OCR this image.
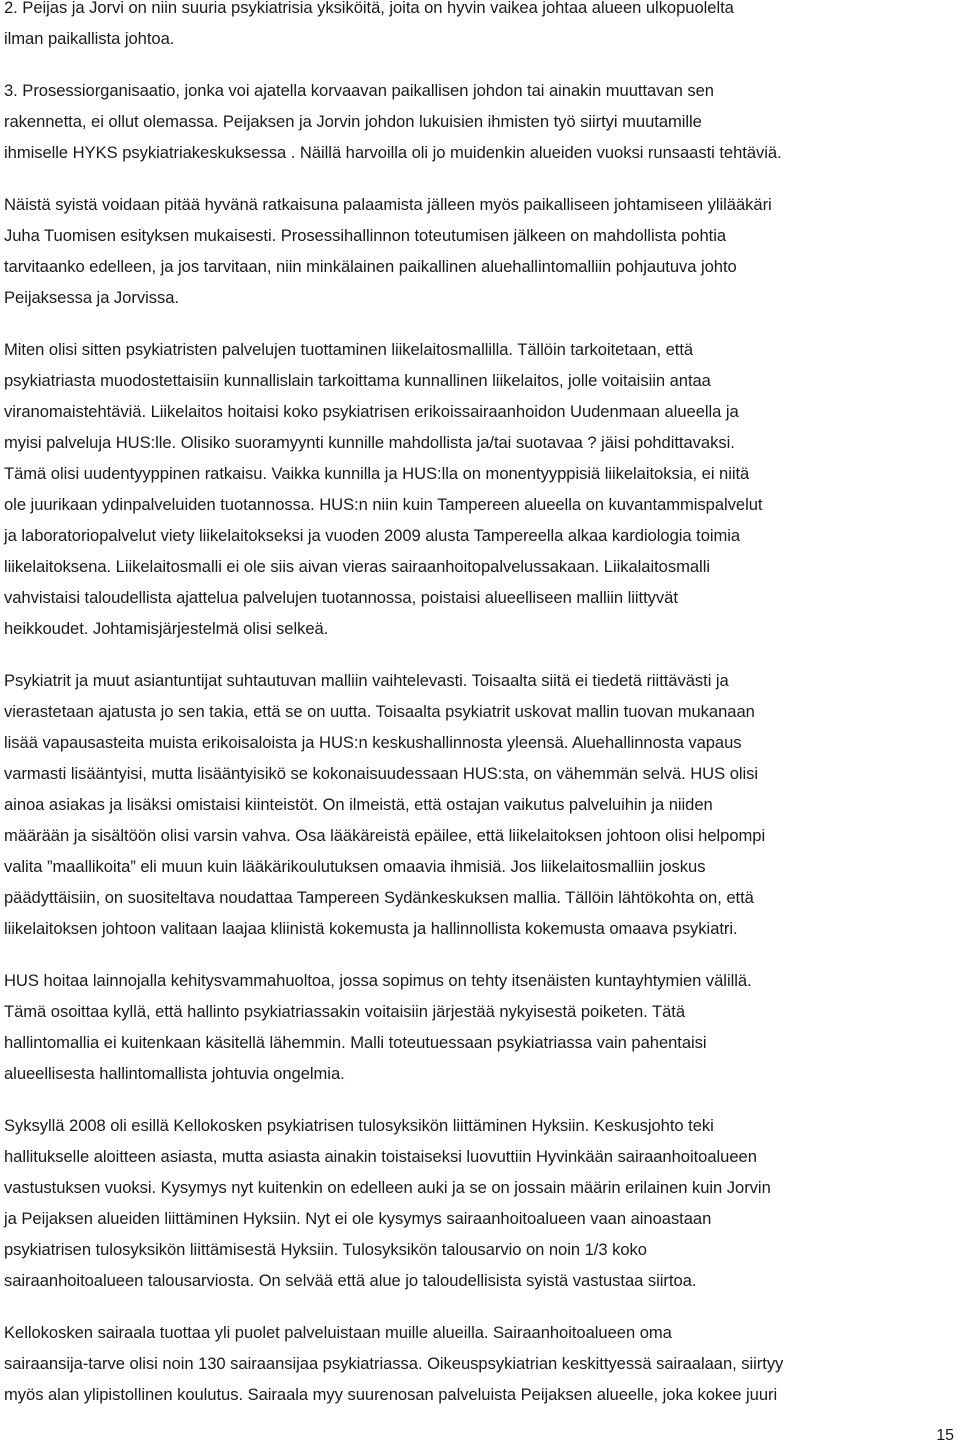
2. Peijas ja Jorvi on niin suuria psykiatrisia yksiköitä, joita on hyvin vaikea johtaa alueen ulkopuolelta
ilman paikallista johtoa.
3. Prosessiorganisaatio, jonka voi ajatella korvaavan paikallisen johdon tai ainakin muuttavan sen
rakennetta, ei ollut olemassa. Peijaksen ja Jorvin johdon lukuisien ihmisten työ siirtyi muutamille
ihmiselle HYKS psykiatriakeskuksessa . Näillä harvoilla oli jo muidenkin alueiden vuoksi runsaasti tehtäviä.
Näistä syistä voidaan pitää hyvänä ratkaisuna palaamista jälleen myös paikalliseen johtamiseen ylilääkäri
Juha Tuomisen esityksen mukaisesti. Prosessihallinnon toteutumisen jälkeen on mahdollista pohtia
tarvitaanko edelleen, ja jos tarvitaan, niin minkälainen paikallinen aluehallintomalliin pohjautuva johto
Peijaksessa ja Jorvissa.
Miten olisi sitten psykiatristen palvelujen tuottaminen liikelaitosmallilla. Tällöin tarkoitetaan, että
psykiatriasta muodostettaisiin kunnallislain tarkoittama kunnallinen liikelaitos, jolle voitaisiin antaa
viranomaistehtäviä. Liikelaitos hoitaisi koko psykiatrisen erikoissairaanhoidon Uudenmaan alueella ja
myisi palveluja HUS:lle. Olisiko suoramyynti kunnille mahdollista ja/tai suotavaa ? jäisi pohdittavaksi.
Tämä olisi uudentyyppinen ratkaisu. Vaikka kunnilla ja HUS:lla on monentyyppisiä liikelaitoksia, ei niitä
ole juurikaan ydinpalveluiden tuotannossa. HUS:n niin kuin Tampereen alueella on kuvantammispalvelut
ja laboratoriopalvelut viety liikelaitokseksi ja vuoden 2009 alusta Tampereella alkaa kardiologia toimia
liikelaitoksena. Liikelaitosmalli ei ole siis aivan vieras sairaanhoitopalvelussakaan. Liikalaitosmalli
vahvistaisi taloudellista ajattelua palvelujen tuotannossa, poistaisi alueelliseen malliin liittyvät
heikkoudet. Johtamisjärjestelmä olisi selkeä.
Psykiatrit ja muut asiantuntijat suhtautuvan malliin vaihtelevasti. Toisaalta siitä ei tiedetä riittävästi ja
vierastetaan ajatusta jo sen takia, että se on uutta. Toisaalta psykiatrit uskovat mallin tuovan mukanaan
lisää vapausasteita muista erikoisaloista ja HUS:n keskushallinnosta yleensä. Aluehallinnosta vapaus
varmasti lisääntyisi, mutta lisääntyisikö se kokonaisuudessaan HUS:sta, on vähemmän selvä. HUS olisi
ainoa asiakas ja lisäksi omistaisi kiinteistöt. On ilmeistä, että ostajan vaikutus palveluihin ja niiden
määrään ja sisältöön olisi varsin vahva. Osa lääkäreistä epäilee, että liikelaitoksen johtoon olisi helpompi
valita ”maallikoita” eli muun kuin lääkärikoulutuksen omaavia ihmisiä. Jos liikelaitosmalliin joskus
päädyttäisiin, on suositeltava noudattaa Tampereen Sydänkeskuksen mallia. Tällöin lähtökohta on, että
liikelaitoksen johtoon valitaan laajaa kliinistä kokemusta ja hallinnollista kokemusta omaava psykiatri.
HUS hoitaa lainnojalla kehitysvammahuoltoa, jossa sopimus on tehty itsenäisten kuntayhtymien välillä.
Tämä osoittaa kyllä, että hallinto psykiatriassakin voitaisiin järjestää nykyisestä poiketen. Tätä
hallintomallia ei kuitenkaan käsitellä lähemmin. Malli toteutuessaan psykiatriassa vain pahentaisi
alueellisesta hallintomallista johtuvia ongelmia.
Syksyllä 2008 oli esillä Kellokosken psykiatrisen tulosyksikön liittäminen Hyksiin. Keskusjohto teki
hallitukselle aloitteen asiasta, mutta asiasta ainakin toistaiseksi luovuttiin Hyvinkään sairaanhoitoalueen
vastustuksen vuoksi. Kysymys nyt kuitenkin on edelleen auki ja se on jossain määrin erilainen kuin Jorvin
ja Peijaksen alueiden liittäminen Hyksiin. Nyt ei ole kysymys sairaanhoitoalueen vaan ainoastaan
psykiatrisen tulosyksikön liittämisestä Hyksiin. Tulosyksikön talousarvio on noin 1/3 koko
sairaanhoitoalueen talousarviosta. On selvää että alue jo taloudellisista syistä vastustaa siirtoa.
Kellokosken sairaala tuottaa yli puolet palveluistaan muille alueilla. Sairaanhoitoalueen oma
sairaansija-tarve olisi noin 130 sairaansijaa psykiatriassa. Oikeuspsykiatrian keskittyessä sairaalaan, siirtyy
myös alan ylipistollinen koulutus. Sairaala myy suurenosan palveluista Peijaksen alueelle, joka kokee juuri
15
